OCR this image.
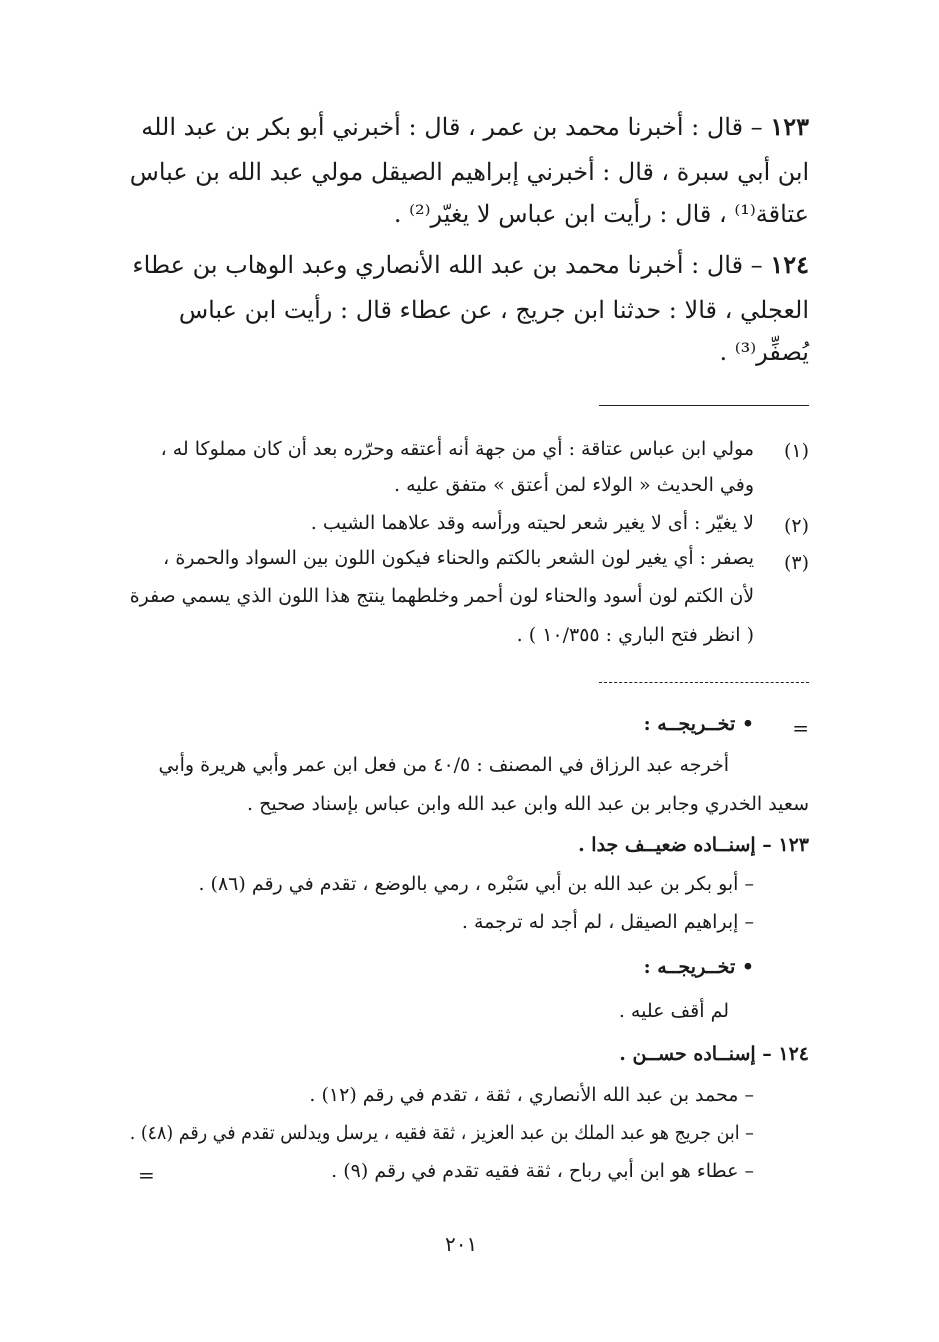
١٢٣ – قال : أخبرنا محمد بن عمر ، قال : أخبرني أبو بكر بن عبد الله
ابن أبي سبرة ، قال : أخبرني إبراهيم الصيقل مولي عبد الله بن عباس
عتاقة⁽¹⁾ ، قال : رأيت ابن عباس لا يغيّر⁽²⁾ .
١٢٤ – قال : أخبرنا محمد بن عبد الله الأنصاري وعبد الوهاب بن عطاء
العجلي ، قالا : حدثنا ابن جريج ، عن عطاء قال : رأيت ابن عباس
يُصفِّر⁽³⁾ .
(١)
مولي ابن عباس عتاقة : أي من جهة أنه أعتقه وحرّره بعد أن كان مملوكا له ،
وفي الحديث « الولاء لمن أعتق » متفق عليه .
(٢)
لا يغيّر : أى لا يغير شعر لحيته ورأسه وقد علاهما الشيب .
(٣)
يصفر : أي يغير لون الشعر بالكتم والحناء فيكون اللون بين السواد والحمرة ،
لأن الكتم لون أسود والحناء لون أحمر وخلطهما ينتج هذا اللون الذي يسمي صفرة
( انظر فتح الباري : ١٠/٣٥٥ ) .
=
• تخــريجــه :
أخرجه عبد الرزاق في المصنف : ٤٠/٥ من فعل ابن عمر وأبي هريرة وأبي
سعيد الخدري وجابر بن عبد الله وابن عبد الله وابن عباس بإسناد صحيح .
١٢٣ – إسنــاده ضعيــف جدا .
– أبو بكر بن عبد الله بن أبي سَبْره ، رمي بالوضع ، تقدم في رقم (٨٦) .
– إبراهيم الصيقل ، لم أجد له ترجمة .
• تخــريجــه :
لم أقف عليه .
١٢٤ – إسنــاده حســن .
– محمد بن عبد الله الأنصاري ، ثقة ، تقدم في رقم (١٢) .
– ابن جريج هو عبد الملك بن عبد العزيز ، ثقة فقيه ، يرسل ويدلس تقدم في رقم (٤٨) .
– عطاء هو ابن أبي رباح ، ثقة فقيه تقدم في رقم (٩) .
=
٢٠١
